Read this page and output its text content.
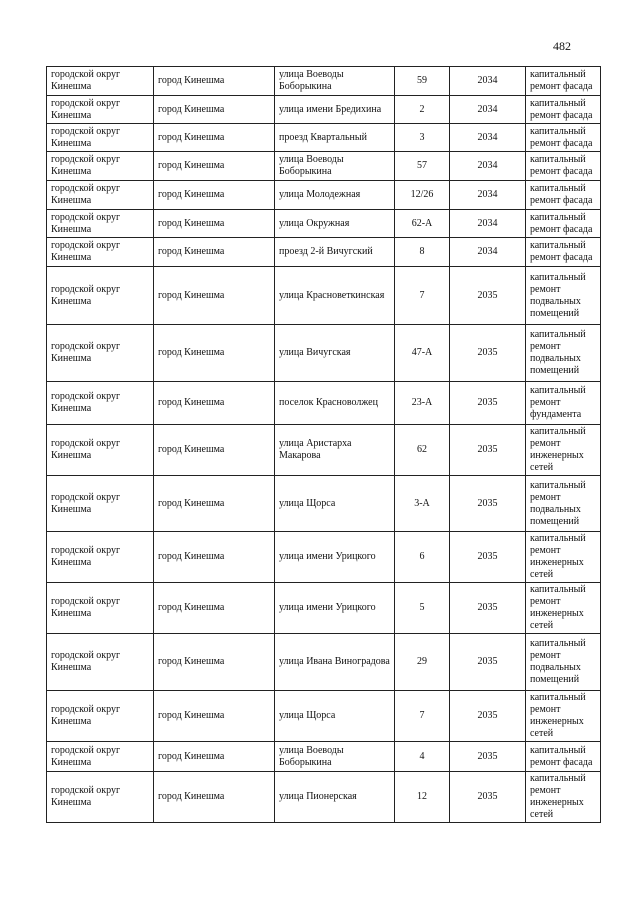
482
городской округ Кинешма	город Кинешма	улица Воеводы Боборыкина	59	2034	капитальный ремонт фасада
городской округ Кинешма	город Кинешма	улица имени Бредихина	2	2034	капитальный ремонт фасада
городской округ Кинешма	город Кинешма	проезд Квартальный	3	2034	капитальный ремонт фасада
городской округ Кинешма	город Кинешма	улица Воеводы Боборыкина	57	2034	капитальный ремонт фасада
городской округ Кинешма	город Кинешма	улица Молодежная	12/26	2034	капитальный ремонт фасада
городской округ Кинешма	город Кинешма	улица Окружная	62-А	2034	капитальный ремонт фасада
городской округ Кинешма	город Кинешма	проезд 2-й Вичугский	8	2034	капитальный ремонт фасада
городской округ Кинешма	город Кинешма	улица Красноветкинская	7	2035	капитальный ремонт подвальных помещений
городской округ Кинешма	город Кинешма	улица Вичугская	47-А	2035	капитальный ремонт подвальных помещений
городской округ Кинешма	город Кинешма	поселок Красноволжец	23-А	2035	капитальный ремонт фундамента
городской округ Кинешма	город Кинешма	улица Аристарха Макарова	62	2035	капитальный ремонт инженерных сетей
городской округ Кинешма	город Кинешма	улица Щорса	3-А	2035	капитальный ремонт подвальных помещений
городской округ Кинешма	город Кинешма	улица имени Урицкого	6	2035	капитальный ремонт инженерных сетей
городской округ Кинешма	город Кинешма	улица имени Урицкого	5	2035	капитальный ремонт инженерных сетей
городской округ Кинешма	город Кинешма	улица Ивана Виноградова	29	2035	капитальный ремонт подвальных помещений
городской округ Кинешма	город Кинешма	улица Щорса	7	2035	капитальный ремонт инженерных сетей
городской округ Кинешма	город Кинешма	улица Воеводы Боборыкина	4	2035	капитальный ремонт фасада
городской округ Кинешма	город Кинешма	улица Пионерская	12	2035	капитальный ремонт инженерных сетей
